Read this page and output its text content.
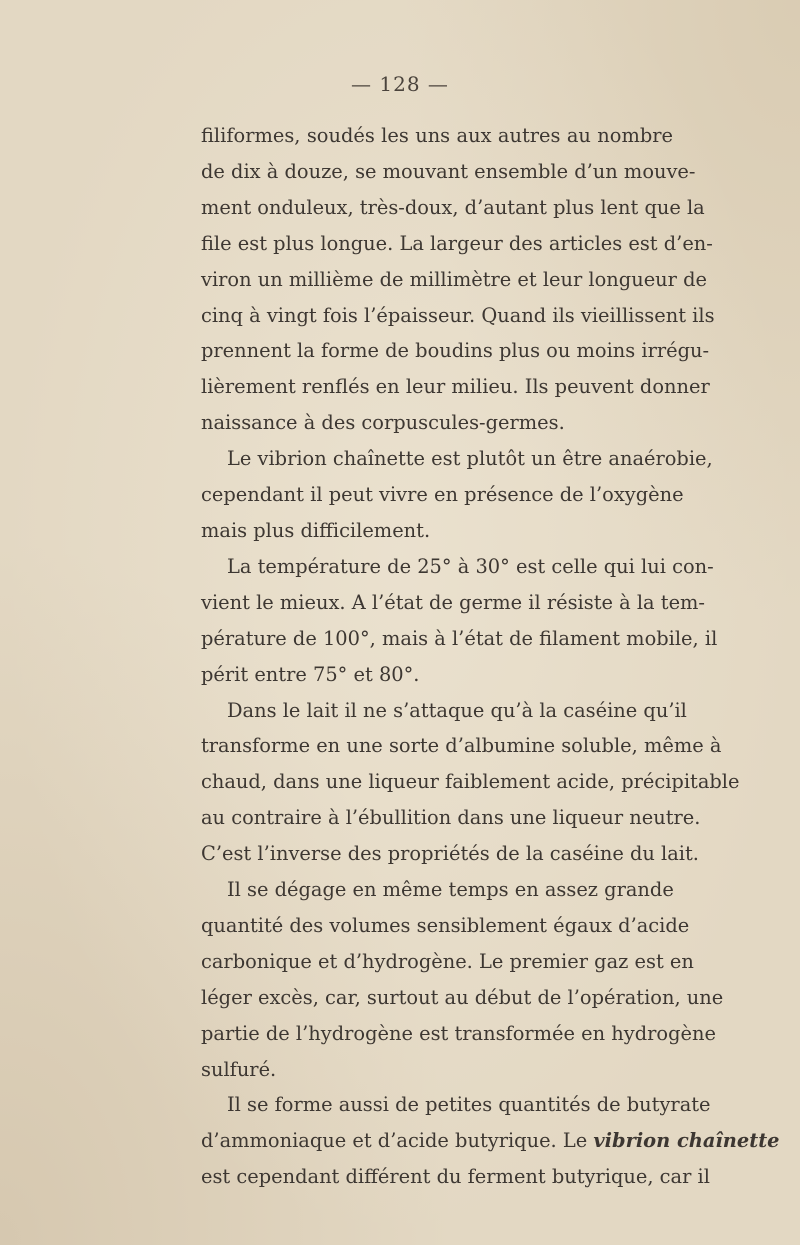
— 128 —
filiformes, soudés les uns aux autres au nombre
de dix à douze, se mouvant ensemble d’un mouve-
ment onduleux, très-doux, d’autant plus lent que la
file est plus longue. La largeur des articles est d’en-
viron un millième de millimètre et leur longueur de
cinq à vingt fois l’épaisseur. Quand ils vieillissent ils
prennent la forme de boudins plus ou moins irrégu-
lièrement renflés en leur milieu. Ils peuvent donner
naissance à des corpuscules-germes.
Le vibrion chaînette est plutôt un être anaérobie,
cependant il peut vivre en présence de l’oxygène
mais plus difficilement.
La température de 25° à 30° est celle qui lui con-
vient le mieux. A l’état de germe il résiste à la tem-
pérature de 100°, mais à l’état de filament mobile, il
périt entre 75° et 80°.
Dans le lait il ne s’attaque qu’à la caséine qu’il
transforme en une sorte d’albumine soluble, même à
chaud, dans une liqueur faiblement acide, précipitable
au contraire à l’ébullition dans une liqueur neutre.
C’est l’inverse des propriétés de la caséine du lait.
Il se dégage en même temps en assez grande
quantité des volumes sensiblement égaux d’acide
carbonique et d’hydrogène. Le premier gaz est en
léger excès, car, surtout au début de l’opération, une
partie de l’hydrogène est transformée en hydrogène
sulfuré.
Il se forme aussi de petites quantités de butyrate
d’ammoniaque et d’acide butyrique. Le vibrion chaînette
est cependant différent du ferment butyrique, car il
